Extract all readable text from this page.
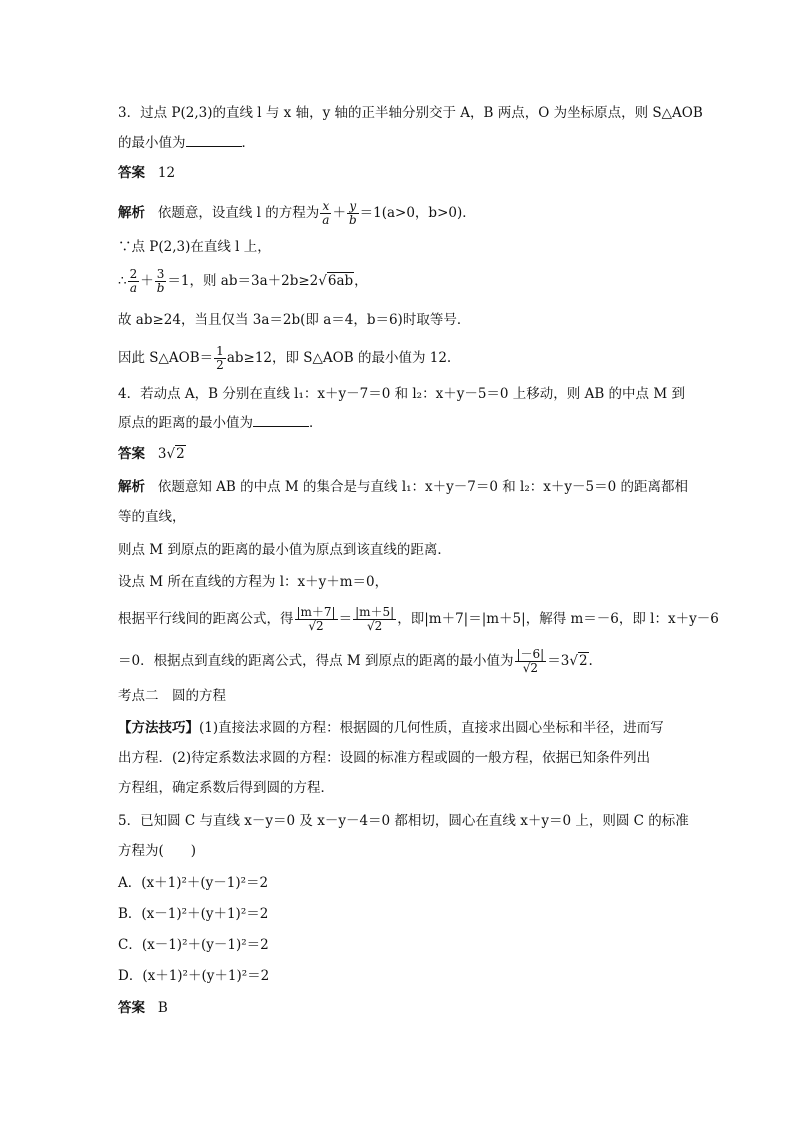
3．过点 P(2,3)的直线 l 与 x 轴，y 轴的正半轴分别交于 A，B 两点，O 为坐标原点，则 S△AOB
的最小值为	．
答案 12
解析 依题意，设直线 l 的方程为 $\frac{x}{a} + \frac{y}{b} =1(a>0$，b>0)．
∵点 P(2,3)在直线 l 上，
∴ $\frac{2}{a} + \frac{3}{b} =1$，则 ab＝3a＋2b≥2√6ab，
故 ab≥24，当且仅当 3a＝2b(即 a＝4，b＝6)时取等号．
因此 S△AOB＝ $\frac{1}{2} ab\ge 12$，即 S△AOB 的最小值为 12.
4．若动点 A，B 分别在直线 l₁：x＋y－7＝0 和 l₂：x＋y－5＝0 上移动，则 AB 的中点 M 到
原点的距离的最小值为	．
答案 3√2
解析 依题意知 AB 的中点 M 的集合是与直线 l₁：x＋y－7＝0 和 l₂：x＋y－5＝0 的距离都相
等的直线，
则点 M 到原点的距离的最小值为原点到该直线的距离．
设点 M 所在直线的方程为 l：x＋y＋m＝0，
根据平行线间的距离公式，得 $\frac{|m+7|}{√2} = \frac{|m+5|}{√2}$ ，即|m＋7|＝|m＋5|，解得 m＝－6，即 l：x＋y－6
＝0．根据点到直线的距离公式，得点 M 到原点的距离的最小值为 $\frac{|-6|}{√2} =3√2$.
考点二　圆的方程
【方法技巧】(1)直接法求圆的方程：根据圆的几何性质，直接求出圆心坐标和半径，进而写
出方程．(2)待定系数法求圆的方程：设圆的标准方程或圆的一般方程，依据已知条件列出
方程组，确定系数后得到圆的方程．
5．已知圆 C 与直线 x－y＝0 及 x－y－4＝0 都相切，圆心在直线 x＋y＝0 上，则圆 C 的标准
方程为(　　)
A．(x＋1)²＋(y－1)²＝2
B．(x－1)²＋(y＋1)²＝2
C．(x－1)²＋(y－1)²＝2
D．(x＋1)²＋(y＋1)²＝2
答案 B
